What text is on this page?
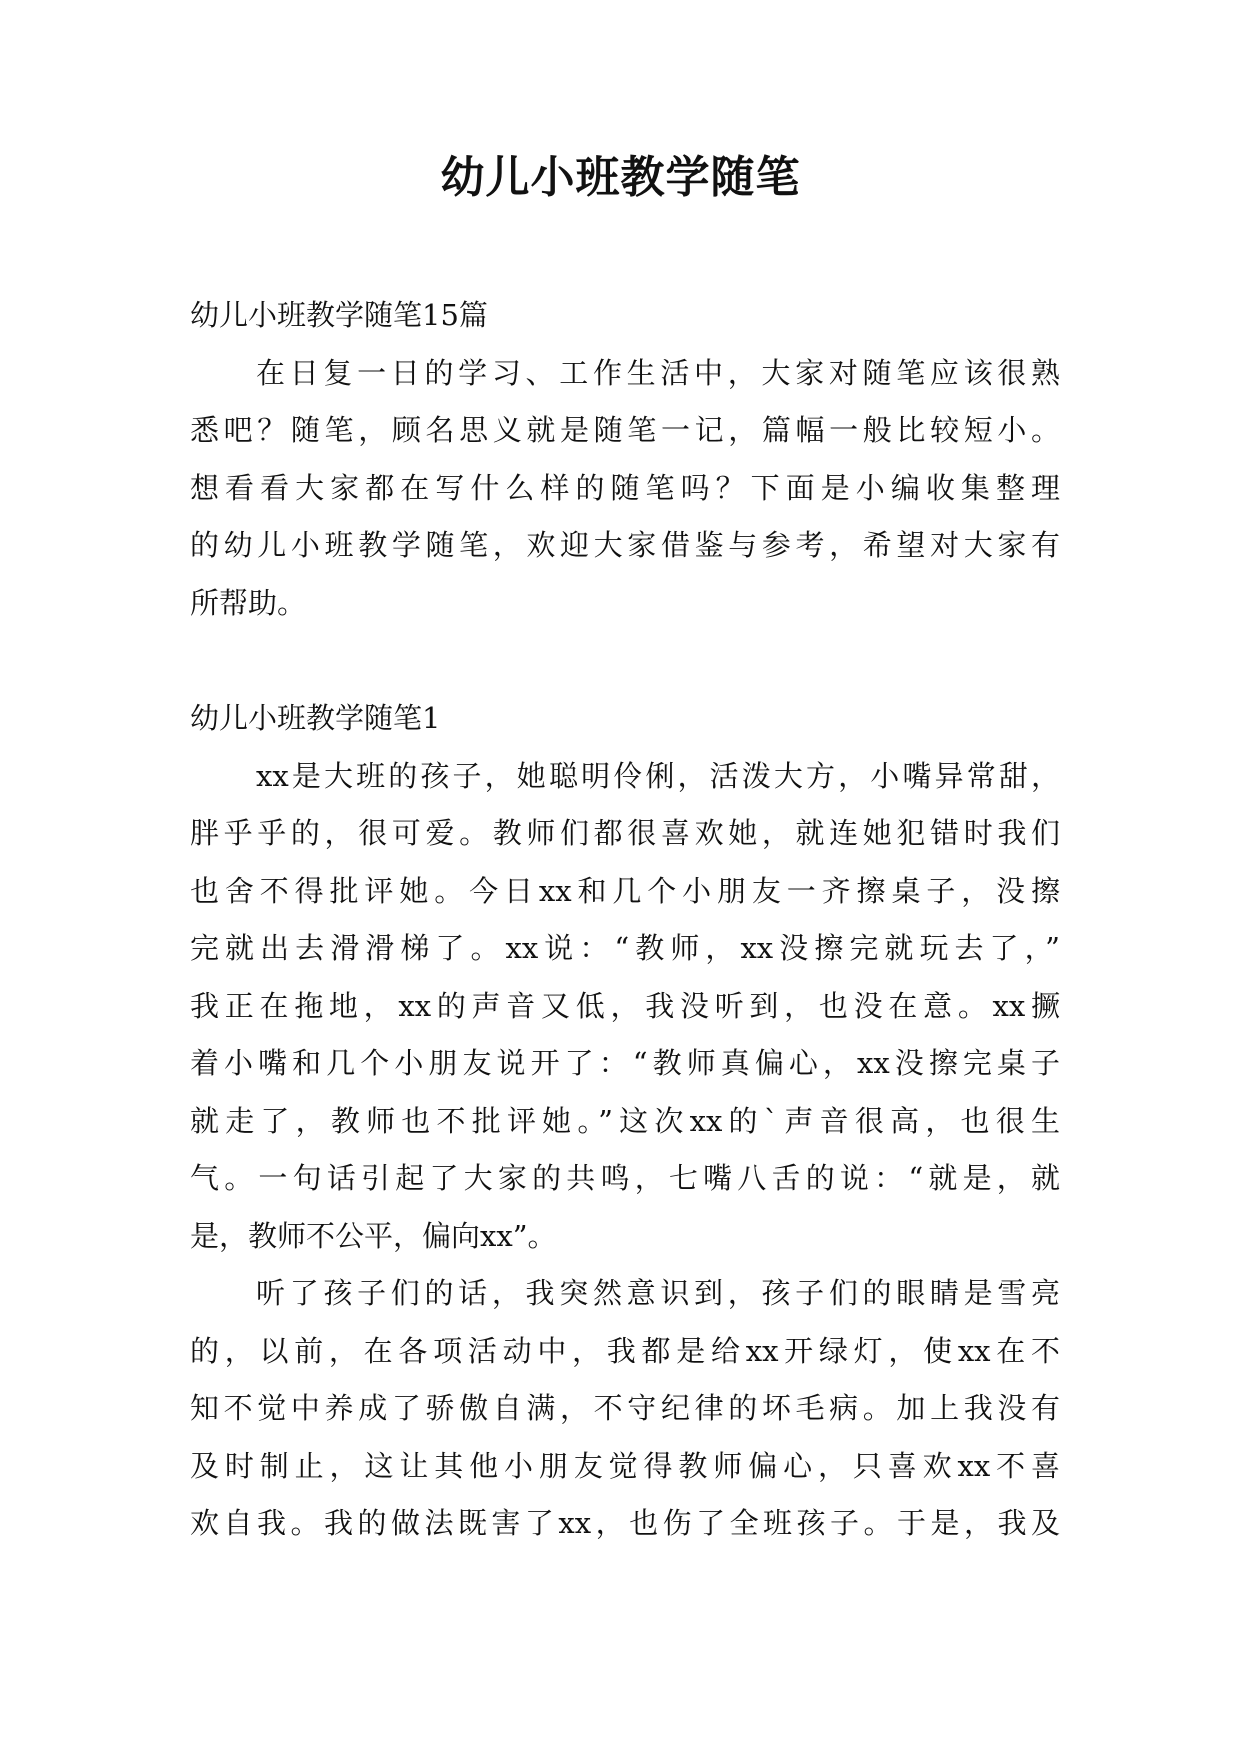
幼儿小班教学随笔
幼儿小班教学随笔15篇
在日复一日的学习、工作生活中，大家对随笔应该很熟
悉吧？随笔，顾名思义就是随笔一记，篇幅一般比较短小。
想看看大家都在写什么样的随笔吗？下面是小编收集整理
的幼儿小班教学随笔，欢迎大家借鉴与参考，希望对大家有
所帮助。
幼儿小班教学随笔1
xx是大班的孩子，她聪明伶俐，活泼大方，小嘴异常甜，
胖乎乎的，很可爱。教师们都很喜欢她，就连她犯错时我们
也舍不得批评她。今日xx和几个小朋友一齐擦桌子，没擦
完就出去滑滑梯了。xx说：“教师，xx没擦完就玩去了，”
我正在拖地，xx的声音又低，我没听到，也没在意。xx撅
着小嘴和几个小朋友说开了：“教师真偏心，xx没擦完桌子
就走了，教师也不批评她。”这次xx的`声音很高，也很生
气。一句话引起了大家的共鸣，七嘴八舌的说：“就是，就
是，教师不公平，偏向xx”。
听了孩子们的话，我突然意识到，孩子们的眼睛是雪亮
的，以前，在各项活动中，我都是给xx开绿灯，使xx在不
知不觉中养成了骄傲自满，不守纪律的坏毛病。加上我没有
及时制止，这让其他小朋友觉得教师偏心，只喜欢xx不喜
欢自我。我的做法既害了xx，也伤了全班孩子。于是，我及
